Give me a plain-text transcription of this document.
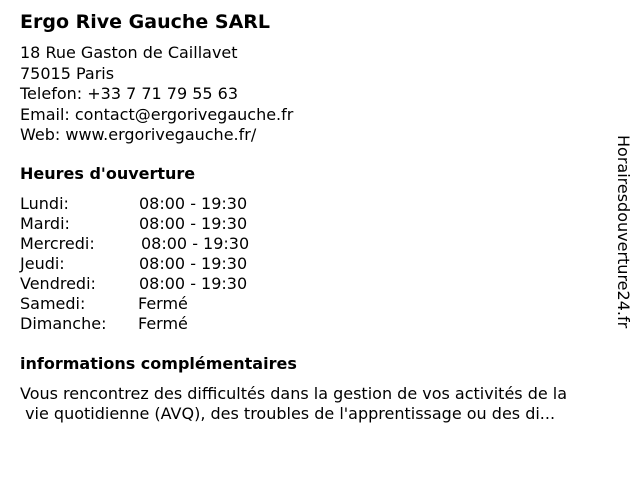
Ergo Rive Gauche SARL
18 Rue Gaston de Caillavet
75015 Paris
Telefon: +33 7 71 79 55 63
Email: contact@ergorivegauche.fr
Web: www.ergorivegauche.fr/
Heures d'ouverture
Lundi:	08:00 - 19:30
Mardi:	08:00 - 19:30
Mercredi:	08:00 - 19:30
Jeudi:	08:00 - 19:30
Vendredi:	08:00 - 19:30
Samedi:	Fermé
Dimanche:	Fermé
informations complémentaires
Vous rencontrez des difficultés dans la gestion de vos activités de la
vie quotidienne (AVQ), des troubles de l'apprentissage ou des di...
Horairesdouverture24.fr
